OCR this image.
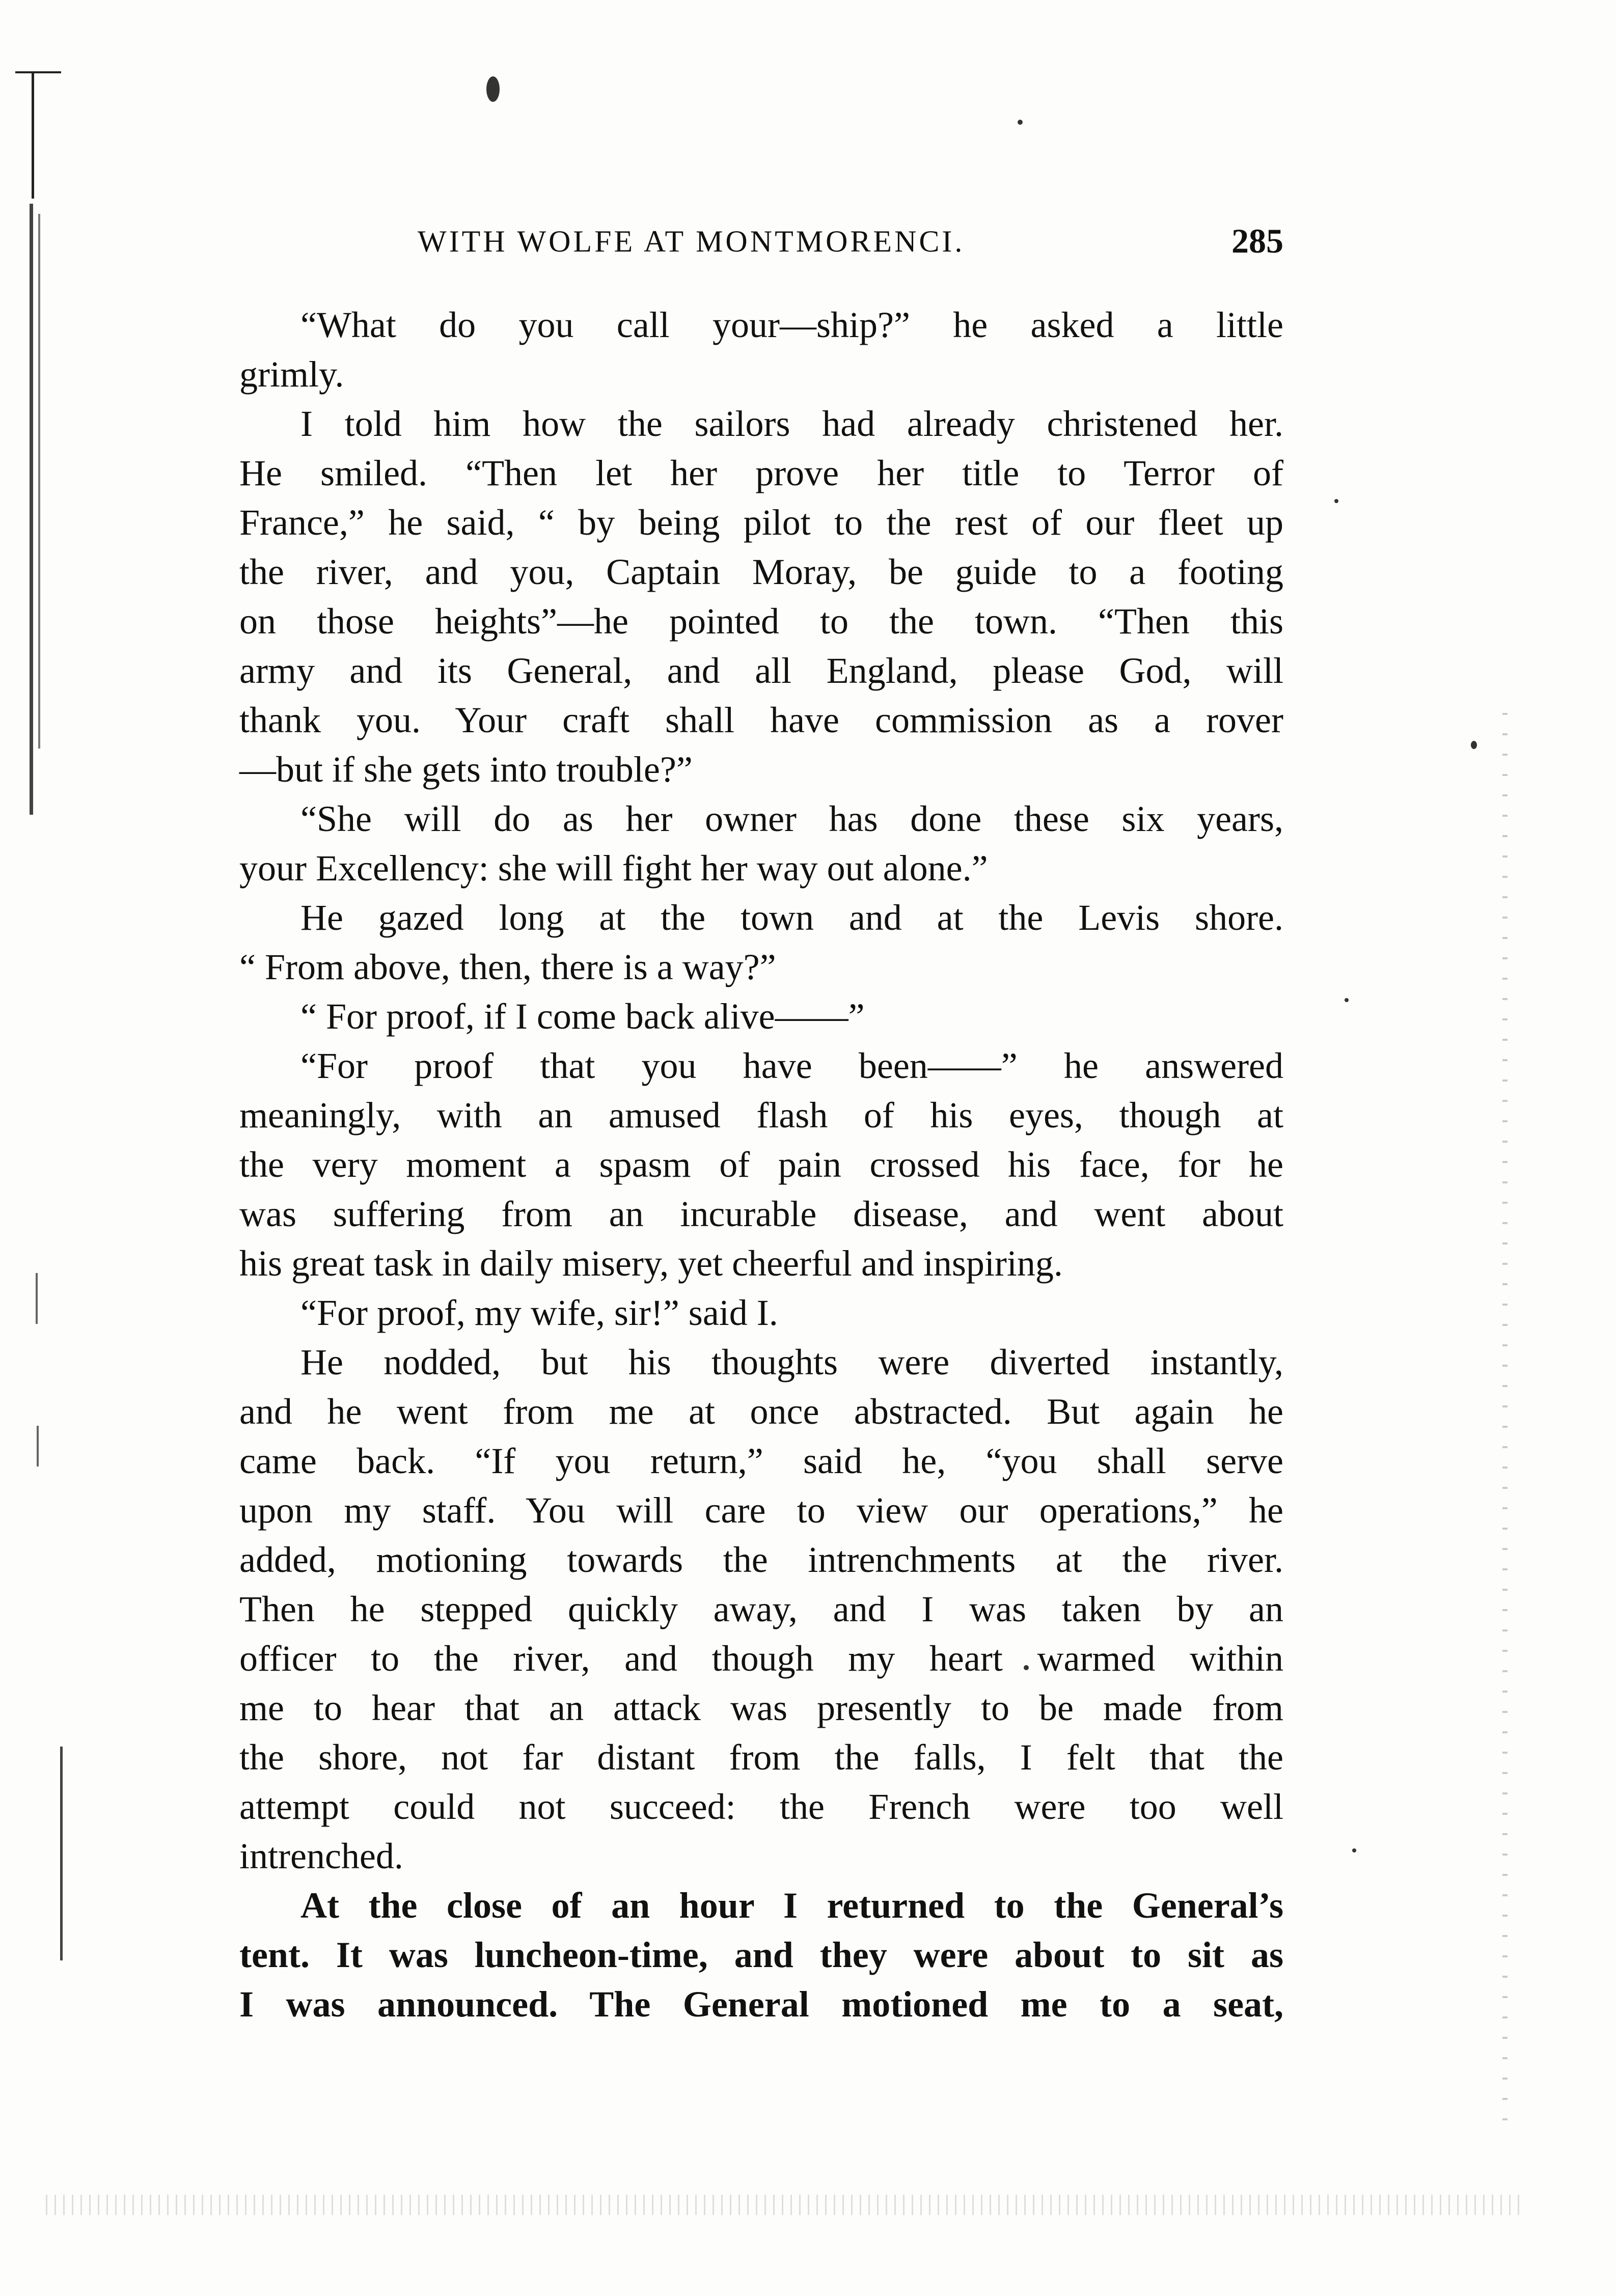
WITH WOLFE AT MONTMORENCI.	285
“What do you call your—ship?” he asked a little
grimly.
I told him how the sailors had already christened her.
He smiled. “Then let her prove her title to Terror of
France,” he said, “ by being pilot to the rest of our fleet up
the river, and you, Captain Moray, be guide to a footing
on those heights”—he pointed to the town. “Then this
army and its General, and all England, please God, will
thank you. Your craft shall have commission as a rover
—but if she gets into trouble?”
“She will do as her owner has done these six years,
your Excellency: she will fight her way out alone.”
He gazed long at the town and at the Levis shore.
“ From above, then, there is a way?”
“ For proof, if I come back alive——”
“For proof that you have been——” he answered
meaningly, with an amused flash of his eyes, though at
the very moment a spasm of pain crossed his face, for he
was suffering from an incurable disease, and went about
his great task in daily misery, yet cheerful and inspiring.
“For proof, my wife, sir!” said I.
He nodded, but his thoughts were diverted instantly,
and he went from me at once abstracted. But again he
came back. “If you return,” said he, “you shall serve
upon my staff. You will care to view our operations,” he
added, motioning towards the intrenchments at the river.
Then he stepped quickly away, and I was taken by an
officer to the river, and though my heart warmed within
me to hear that an attack was presently to be made from
the shore, not far distant from the falls, I felt that the
attempt could not succeed: the French were too well
intrenched.
At the close of an hour I returned to the General’s
tent. It was luncheon-time, and they were about to sit as
I was announced. The General motioned me to a seat,
